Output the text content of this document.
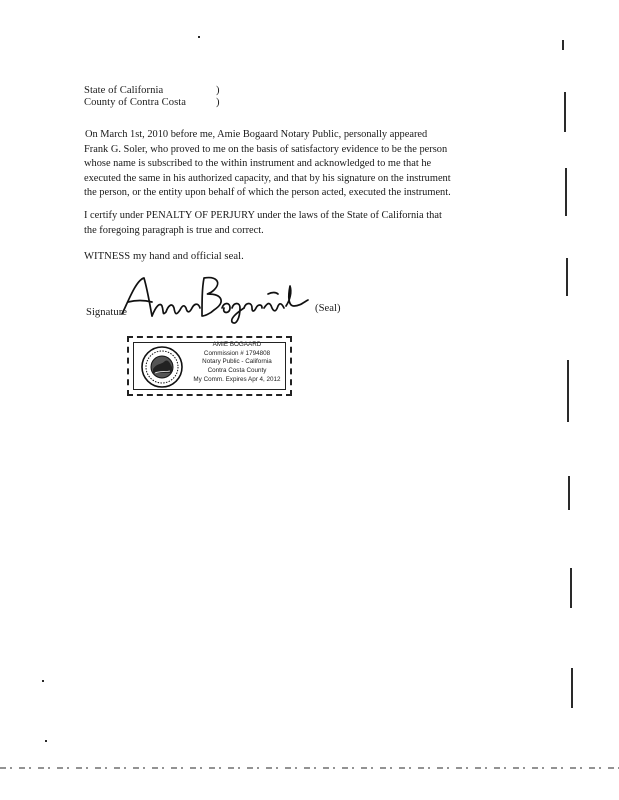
State of California	)
County of Contra Costa	)
On March 1st, 2010 before me, Amie Bogaard Notary Public, personally appeared
Frank G. Soler, who proved to me on the basis of satisfactory evidence to be the person
whose name is subscribed to the within instrument and acknowledged to me that he
executed the same in his authorized capacity, and that by his signature on the instrument
the person, or the entity upon behalf of which the person acted, executed the instrument.
I certify under PENALTY OF PERJURY under the laws of the State of California that
the foregoing paragraph is true and correct.
WITNESS my hand and official seal.
Signature	(Seal)
AMIE BOGAARD
Commission # 1794808
Notary Public - California
Contra Costa County
My Comm. Expires Apr 4, 2012
